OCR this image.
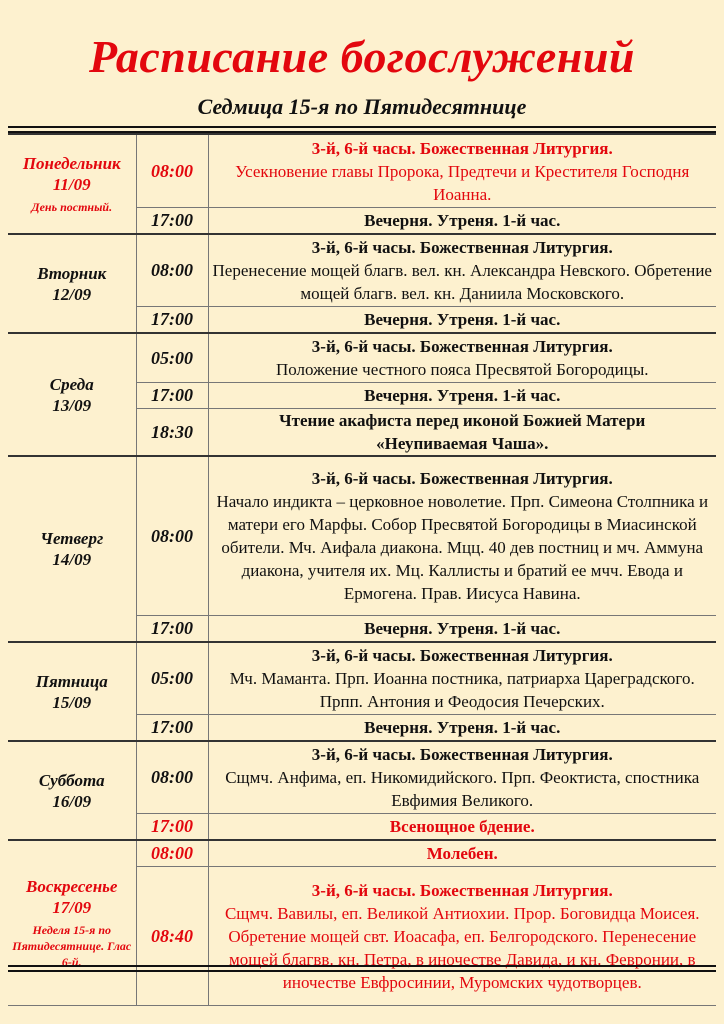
Расписание богослужений
Седмица 15-я по Пятидесятнице
Понедельник
11/09
День постный.	08:00	3-й, 6-й часы. Божественная Литургия.
Усекновение главы Пророка, Предтечи и Крестителя Господня Иоанна.

	17:00	Вечерня. Утреня. 1-й час.

Вторник
12/09	08:00	3-й, 6-й часы. Божественная Литургия.
Перенесение мощей благв. вел. кн. Александра Невского. Обретение мощей благв. вел. кн. Даниила Московского.

	17:00	Вечерня. Утреня. 1-й час.

Среда
13/09	05:00	3-й, 6-й часы. Божественная Литургия.
Положение честного пояса Пресвятой Богородицы.

	17:00	Вечерня. Утреня. 1-й час.

	18:30	Чтение акафиста перед иконой Божией Матери «Неупиваемая Чаша».

Четверг
14/09	08:00	3-й, 6-й часы. Божественная Литургия.
Начало индикта – церковное новолетие. Прп. Симеона Столпника и матери его Марфы. Собор Пресвятой Богородицы в Миасинской обители. Мч. Аифала диакона. Мцц. 40 дев постниц и мч. Аммуна диакона, учителя их. Мц. Каллисты и братий ее мчч. Евода и Ермогена. Прав. Иисуса Навина.

	17:00	Вечерня. Утреня. 1-й час.

Пятница
15/09	05:00	3-й, 6-й часы. Божественная Литургия.
Мч. Маманта. Прп. Иоанна постника, патриарха Цареградского. Прпп. Антония и Феодосия Печерских.

	17:00	Вечерня. Утреня. 1-й час.

Суббота
16/09	08:00	3-й, 6-й часы. Божественная Литургия.
Сщмч. Анфима, еп. Никомидийского. Прп. Феоктиста, спостника Евфимия Великого.

	17:00	Всенощное бдение.

Воскресенье
17/09
Неделя 15-я по Пятидесятнице. Глас 6-й.	08:00	Молебен.

	08:40	3-й, 6-й часы. Божественная Литургия.
Сщмч. Вавилы, еп. Великой Антиохии. Прор. Боговидца Моисея. Обретение мощей свт. Иоасафа, еп. Белгородского. Перенесение мощей благвв. кн. Петра, в иночестве Давида, и кн. Февронии, в иночестве Евфросинии, Муромских чудотворцев.
